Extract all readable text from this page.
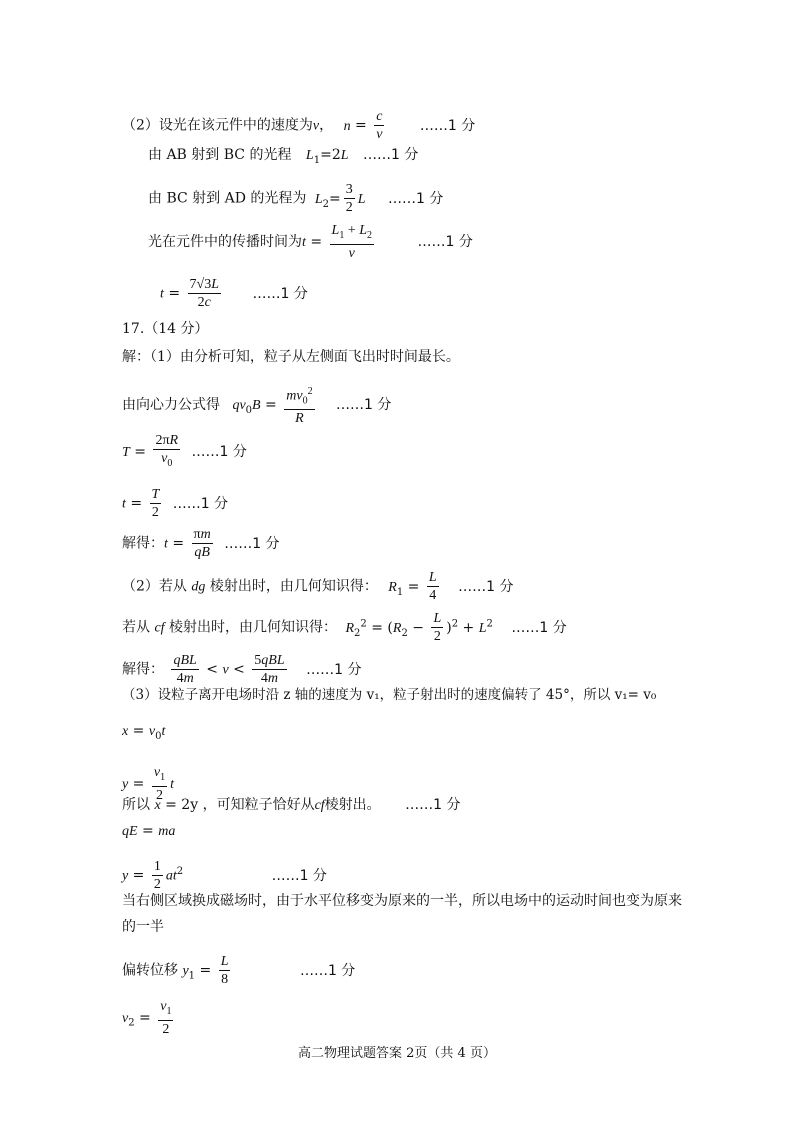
（2）设光在该元件中的速度为v， $n = \frac{c}{v}$	……1 分
由 AB 射到 BC 的光程 $L_1=2L$ ……1 分
由 BC 射到 AD 的光程为 $L_2= \frac{3}{2}$ L ……1 分
光在元件中的传播时间为$t = \frac{L_1 + L_2}{v}$	……1 分
$t = \frac{7√3L}{2c}$ ……1 分
17.（14 分）
解：（1）由分析可知，粒子从左侧面飞出时时间最长。
由向心力公式得 $qv_0B = \frac{mv_0^2}{R}$ ……1 分
$T = \frac{2\pi R}{v_0}$ ……1 分
$t = \frac{T}{2}$ ……1 分
解得：$t = \frac{\pi m}{qB}$ ……1 分
（2）若从 dg 棱射出时，由几何知识得： $R_1 = \frac{L}{4}$ ……1 分
若从 cf 棱射出时，由几何知识得： $R_2^2 = (R_2 - \frac{L}{2} )^2 + L^2$ ……1 分
解得：
qBL
4m
< v <
5qBL
4m
……1 分
（3）设粒子离开电场时沿 z 轴的速度为 v₁，粒子射出时的速度偏转了 45°，所以 v₁= v₀
$x = v_0t$
$y = \frac{v_1}{2}$ t
所以 x = 2y ，可知粒子恰好从cf棱射出。 ……1 分
qE = ma
$y = \frac{1}{2} at^2$	……1 分
当右侧区域换成磁场时，由于水平位移变为原来的一半，所以电场中的运动时间也变为原来
的一半
偏转位移 $y_1 = \frac{L}{8}$	……1 分
$v_2 = \frac{v_1}{2}$
高二物理试题答案 2页（共 4 页）
